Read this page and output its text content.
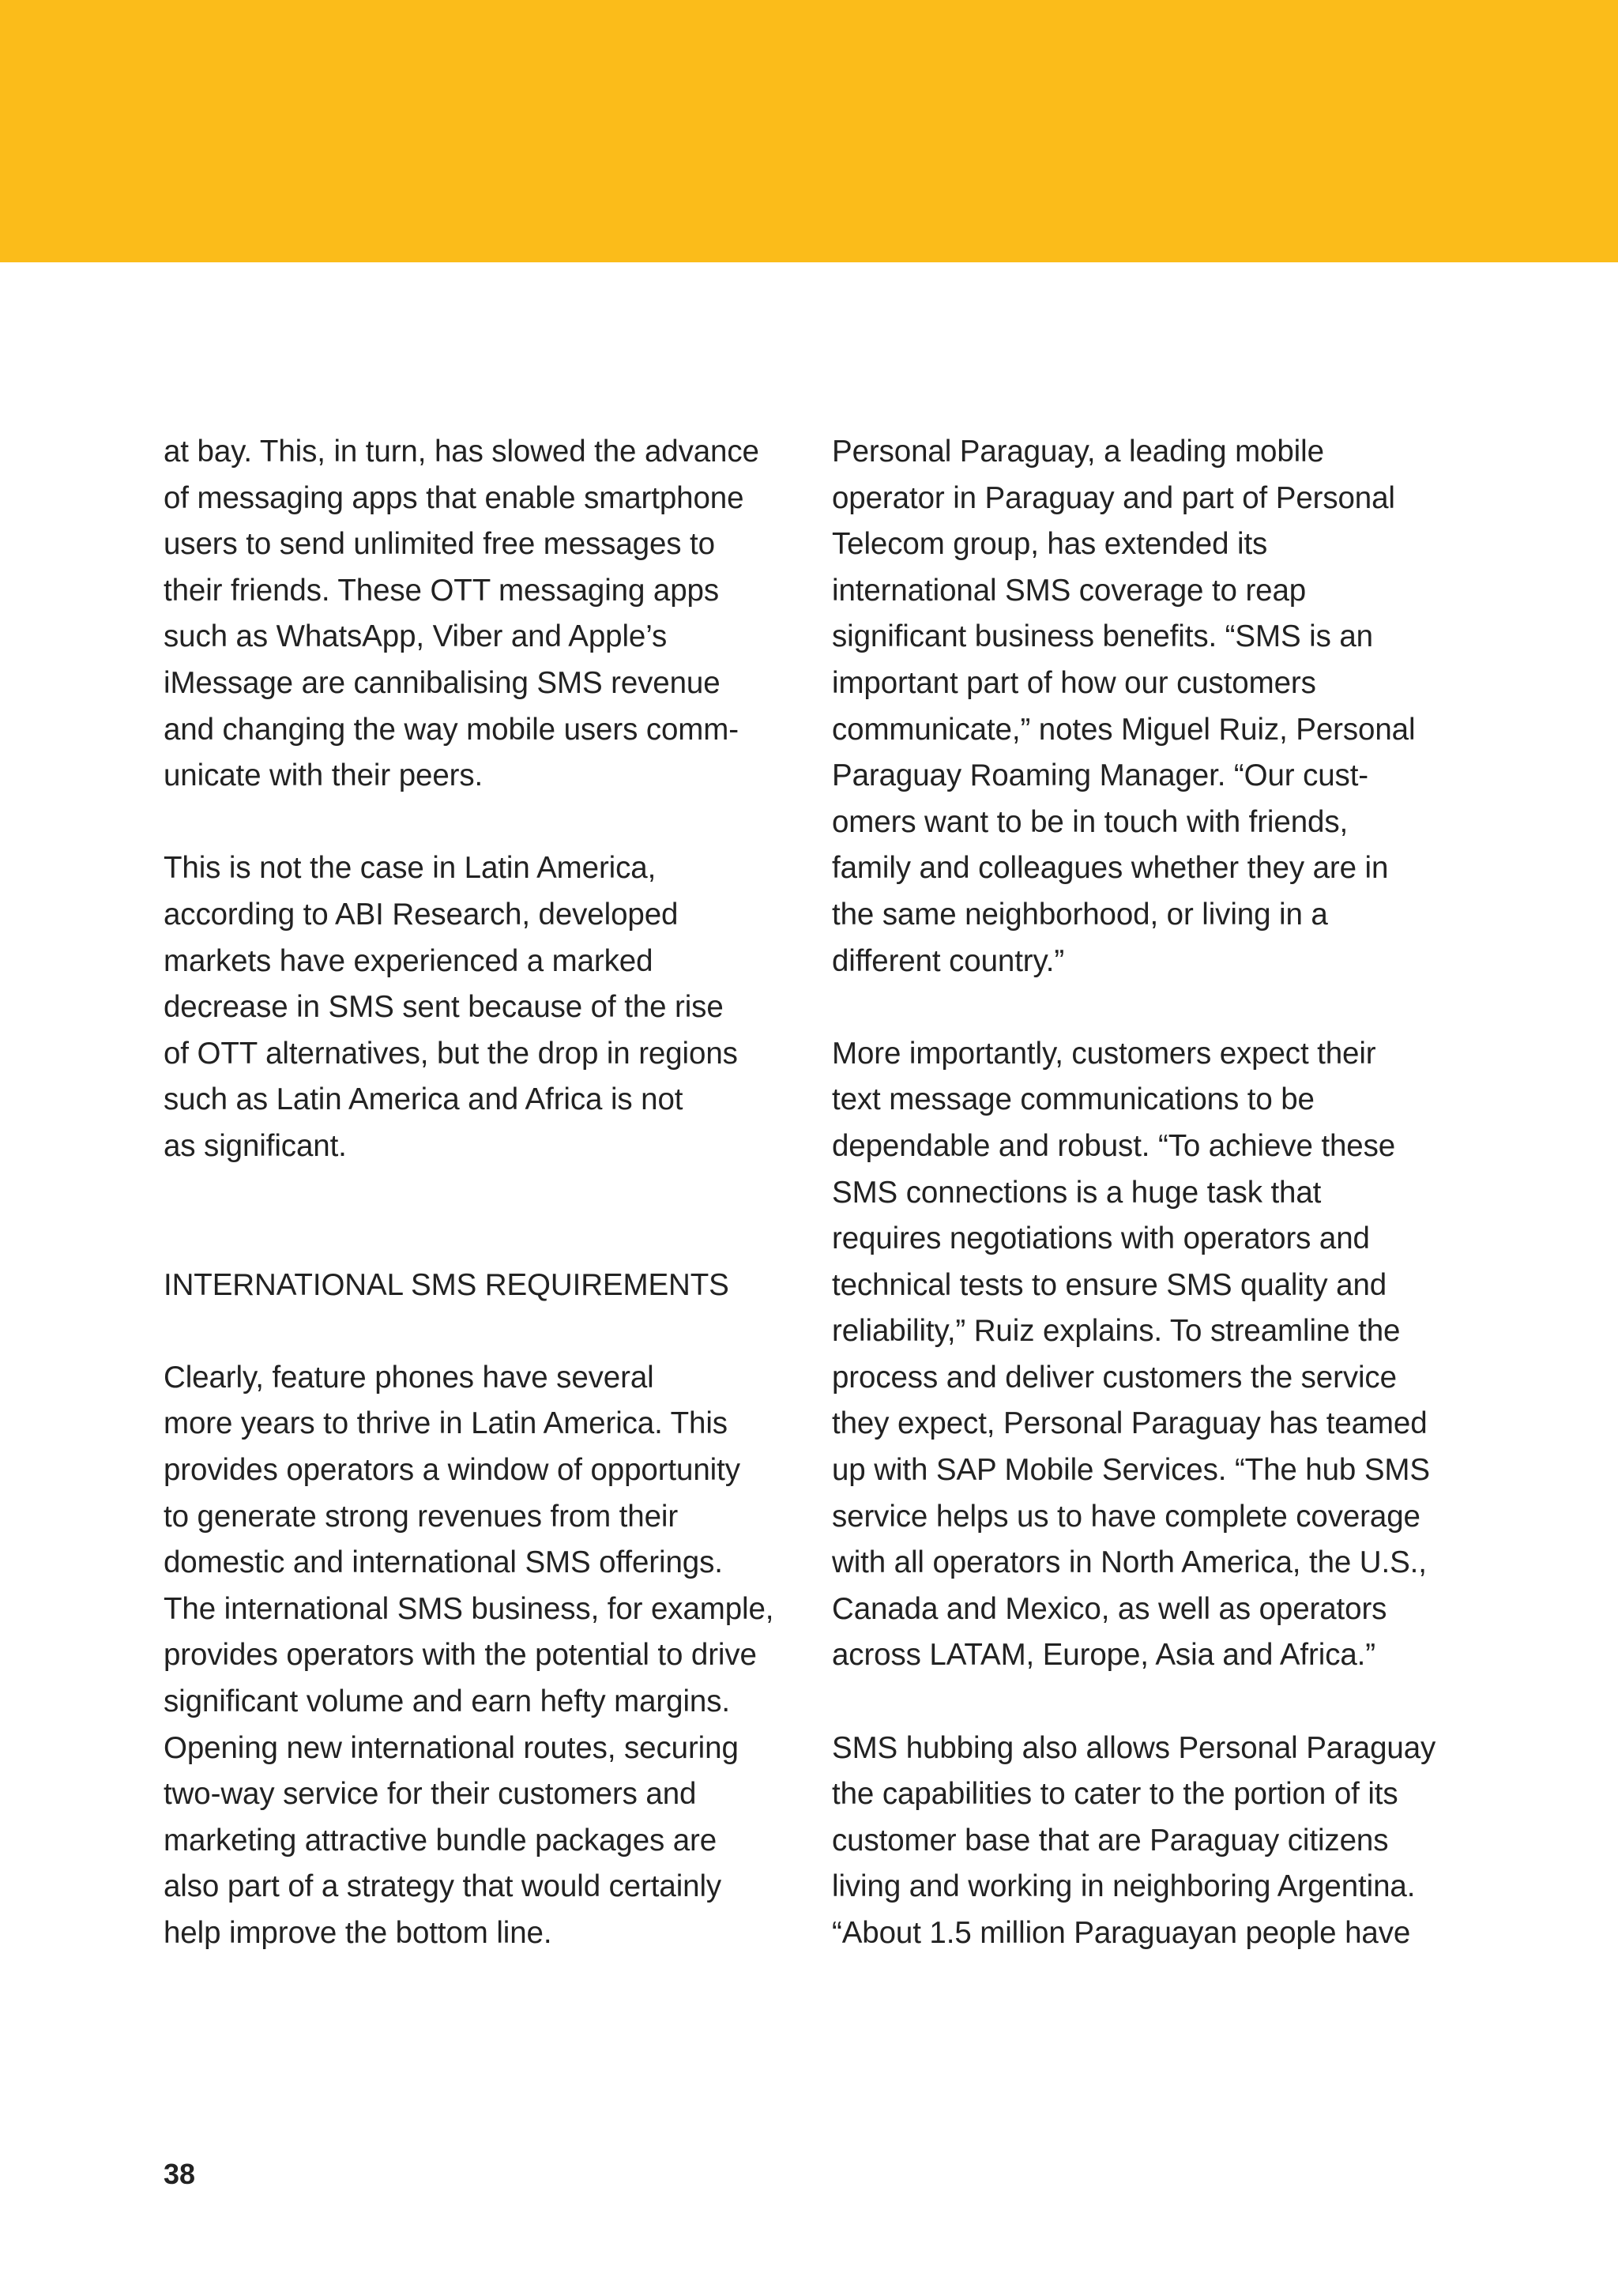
at bay. This, in turn, has slowed the advance
of messaging apps that enable smartphone
users to send unlimited free messages to
their friends. These OTT messaging apps
such as WhatsApp, Viber and Apple’s
iMessage are cannibalising SMS revenue
and changing the way mobile users comm-
unicate with their peers.
This is not the case in Latin America,
according to ABI Research, developed
markets have experienced a marked
decrease in SMS sent because of the rise
of OTT alternatives, but the drop in regions
such as Latin America and Africa is not
as significant.
INTERNATIONAL SMS REQUIREMENTS
Clearly, feature phones have several
more years to thrive in Latin America. This
provides operators a window of opportunity
to generate strong revenues from their
domestic and international SMS offerings.
The international SMS business, for example,
provides operators with the potential to drive
significant volume and earn hefty margins.
Opening new international routes, securing
two-way service for their customers and
marketing attractive bundle packages are
also part of a strategy that would certainly
help improve the bottom line.
Personal Paraguay, a leading mobile
operator in Paraguay and part of Personal
Telecom group, has extended its
international SMS coverage to reap
significant business benefits. “SMS is an
important part of how our customers
communicate,” notes Miguel Ruiz, Personal
Paraguay Roaming Manager. “Our cust-
omers want to be in touch with friends,
family and colleagues whether they are in
the same neighborhood, or living in a
different country.”
More importantly, customers expect their
text message communications to be
dependable and robust. “To achieve these
SMS connections is a huge task that
requires negotiations with operators and
technical tests to ensure SMS quality and
reliability,” Ruiz explains. To streamline the
process and deliver customers the service
they expect, Personal Paraguay has teamed
up with SAP Mobile Services. “The hub SMS
service helps us to have complete coverage
with all operators in North America, the U.S.,
Canada and Mexico, as well as operators
across LATAM, Europe, Asia and Africa.”
SMS hubbing also allows Personal Paraguay
the capabilities to cater to the portion of its
customer base that are Paraguay citizens
living and working in neighboring Argentina.
“About 1.5 million Paraguayan people have
38
